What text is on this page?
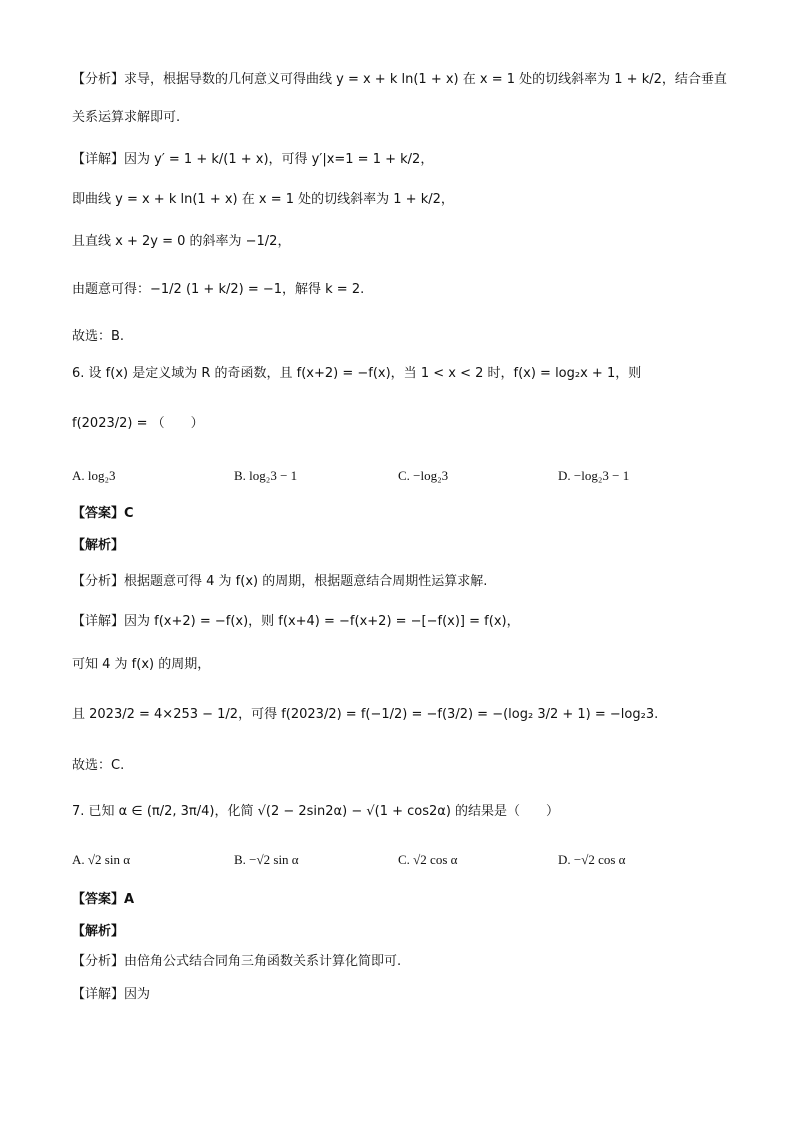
【分析】求导，根据导数的几何意义可得曲线 y = x + k ln(1 + x) 在 x = 1 处的切线斜率为 1 + k/2，结合垂直
关系运算求解即可.
【详解】因为 y′ = 1 + k/(1 + x)，可得 y′|x=1 = 1 + k/2，
即曲线 y = x + k ln(1 + x) 在 x = 1 处的切线斜率为 1 + k/2，
且直线 x + 2y = 0 的斜率为 −1/2，
由题意可得：−1/2 (1 + k/2) = −1，解得 k = 2.
故选：B.
6. 设 f(x) 是定义域为 R 的奇函数，且 f(x+2) = −f(x)，当 1 < x < 2 时，f(x) = log₂x + 1，则
f(2023/2) = （　　）
A. log₂3	B. log₂3 − 1	C. −log₂3	D. −log₂3 − 1
【答案】C
【解析】
【分析】根据题意可得 4 为 f(x) 的周期，根据题意结合周期性运算求解.
【详解】因为 f(x+2) = −f(x)，则 f(x+4) = −f(x+2) = −[−f(x)] = f(x)，
可知 4 为 f(x) 的周期，
且 2023/2 = 4×253 − 1/2，可得 f(2023/2) = f(−1/2) = −f(3/2) = −(log₂ 3/2 + 1) = −log₂3.
故选：C.
7. 已知 α ∈ (π/2, 3π/4)，化简 √(2 − 2sin2α) − √(1 + cos2α) 的结果是（　　）
A. √2 sin α	B. −√2 sin α	C. √2 cos α	D. −√2 cos α
【答案】A
【解析】
【分析】由倍角公式结合同角三角函数关系计算化简即可.
【详解】因为
